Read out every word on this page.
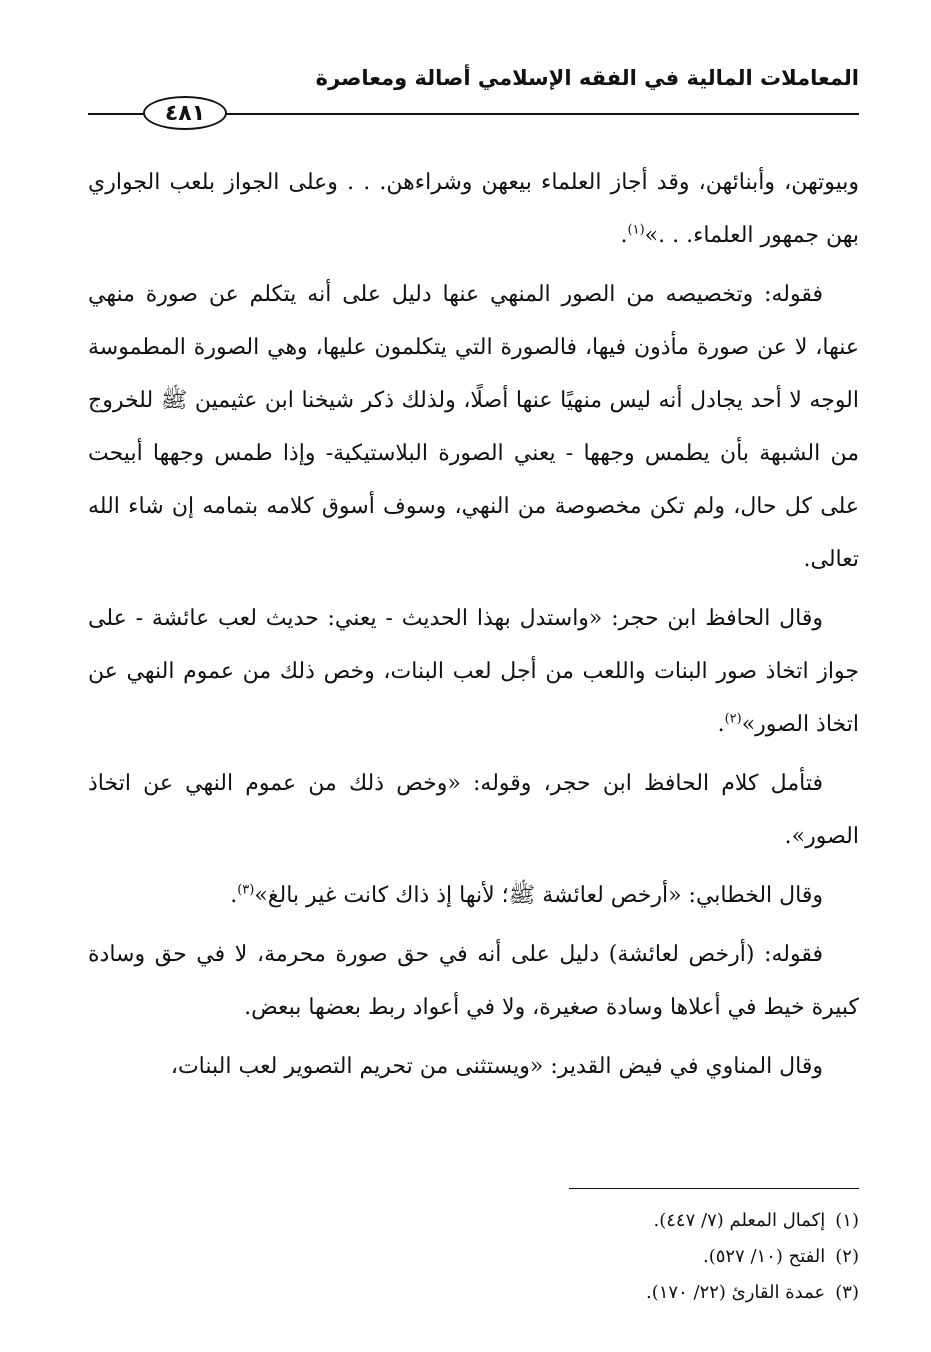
المعاملات المالية في الفقه الإسلامي أصالة ومعاصرة
٤٨١

وبيوتهن، وأبنائهن، وقد أجاز العلماء بيعهن وشراءهن. . . وعلى الجواز بلعب الجواري بهن جمهور العلماء. . .»$^{(١)}$.

فقوله: وتخصيصه من الصور المنهي عنها دليل على أنه يتكلم عن صورة منهي عنها، لا عن صورة مأذون فيها، فالصورة التي يتكلمون عليها، وهي الصورة المطموسة الوجه لا أحد يجادل أنه ليس منهيًا عنها أصلًا، ولذلك ذكر شيخنا ابن عثيمين ﷺ للخروج من الشبهة بأن يطمس وجهها - يعني الصورة البلاستيكية- وإذا طمس وجهها أبيحت على كل حال، ولم تكن مخصوصة من النهي، وسوف أسوق كلامه بتمامه إن شاء الله تعالى.

وقال الحافظ ابن حجر: «واستدل بهذا الحديث - يعني: حديث لعب عائشة - على جواز اتخاذ صور البنات واللعب من أجل لعب البنات، وخص ذلك من عموم النهي عن اتخاذ الصور»$^{(٢)}$.

فتأمل كلام الحافظ ابن حجر، وقوله: «وخص ذلك من عموم النهي عن اتخاذ الصور».

وقال الخطابي: «أرخص لعائشة ﷺ؛ لأنها إذ ذاك كانت غير بالغ»$^{(٣)}$.

فقوله: (أرخص لعائشة) دليل على أنه في حق صورة محرمة، لا في حق وسادة كبيرة خيط في أعلاها وسادة صغيرة، ولا في أعواد ربط بعضها ببعض.

وقال المناوي في فيض القدير: «ويستثنى من تحريم التصوير لعب البنات،

(١)
إكمال المعلم (٧/ ٤٤٧).
(٢)
الفتح (١٠/ ٥٢٧).
(٣)
عمدة القارئ (٢٢/ ١٧٠).
